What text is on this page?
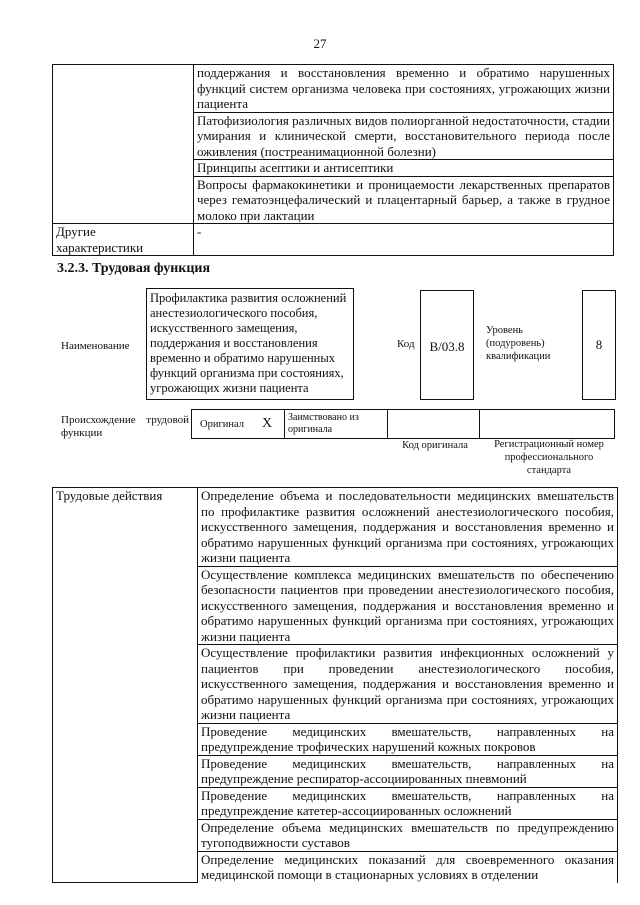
27
	поддержания и восстановления временно и обратимо нарушенных функций систем организма человека при состояниях, угрожающих жизни пациента
	Патофизиология различных видов полиорганной недостаточности, стадии умирания и клинической смерти, восстановительного периода после оживления (постреанимационной болезни)
	Принципы асептики и антисептики
	Вопросы фармакокинетики и проницаемости лекарственных препаратов через гематоэнцефалический и плацентарный барьер, а также в грудное молоко при лактации
Другие характеристики	-
3.2.3. Трудовая функция
Наименование
Профилактика развития осложнений анестезиологического пособия, искусственного замещения, поддержания и восстановления временно и обратимо нарушенных функций организма при состояниях, угрожающих жизни пациента
Код	B/03.8
Уровень (подуровень) квалификации
8
Происхождение трудовой функции
Оригинал X	Заимствовано из оригинала
Код оригинала	Регистрационный номер профессионального стандарта
Трудовые действия	Определение объема и последовательности медицинских вмешательств по профилактике развития осложнений анестезиологического пособия, искусственного замещения, поддержания и восстановления временно и обратимо нарушенных функций организма при состояниях, угрожающих жизни пациента
Осуществление комплекса медицинских вмешательств по обеспечению безопасности пациентов при проведении анестезиологического пособия, искусственного замещения, поддержания и восстановления временно и обратимо нарушенных функций организма при состояниях, угрожающих жизни пациента
Осуществление профилактики развития инфекционных осложнений у пациентов при проведении анестезиологического пособия, искусственного замещения, поддержания и восстановления временно и обратимо нарушенных функций организма при состояниях, угрожающих жизни пациента
Проведение медицинских вмешательств, направленных на предупреждение трофических нарушений кожных покровов
Проведение медицинских вмешательств, направленных на предупреждение респиратор-ассоциированных пневмоний
Проведение медицинских вмешательств, направленных на предупреждение катетер-ассоциированных осложнений
Определение объема медицинских вмешательств по предупреждению тугоподвижности суставов
Определение медицинских показаний для своевременного оказания медицинской помощи в стационарных условиях в отделении
